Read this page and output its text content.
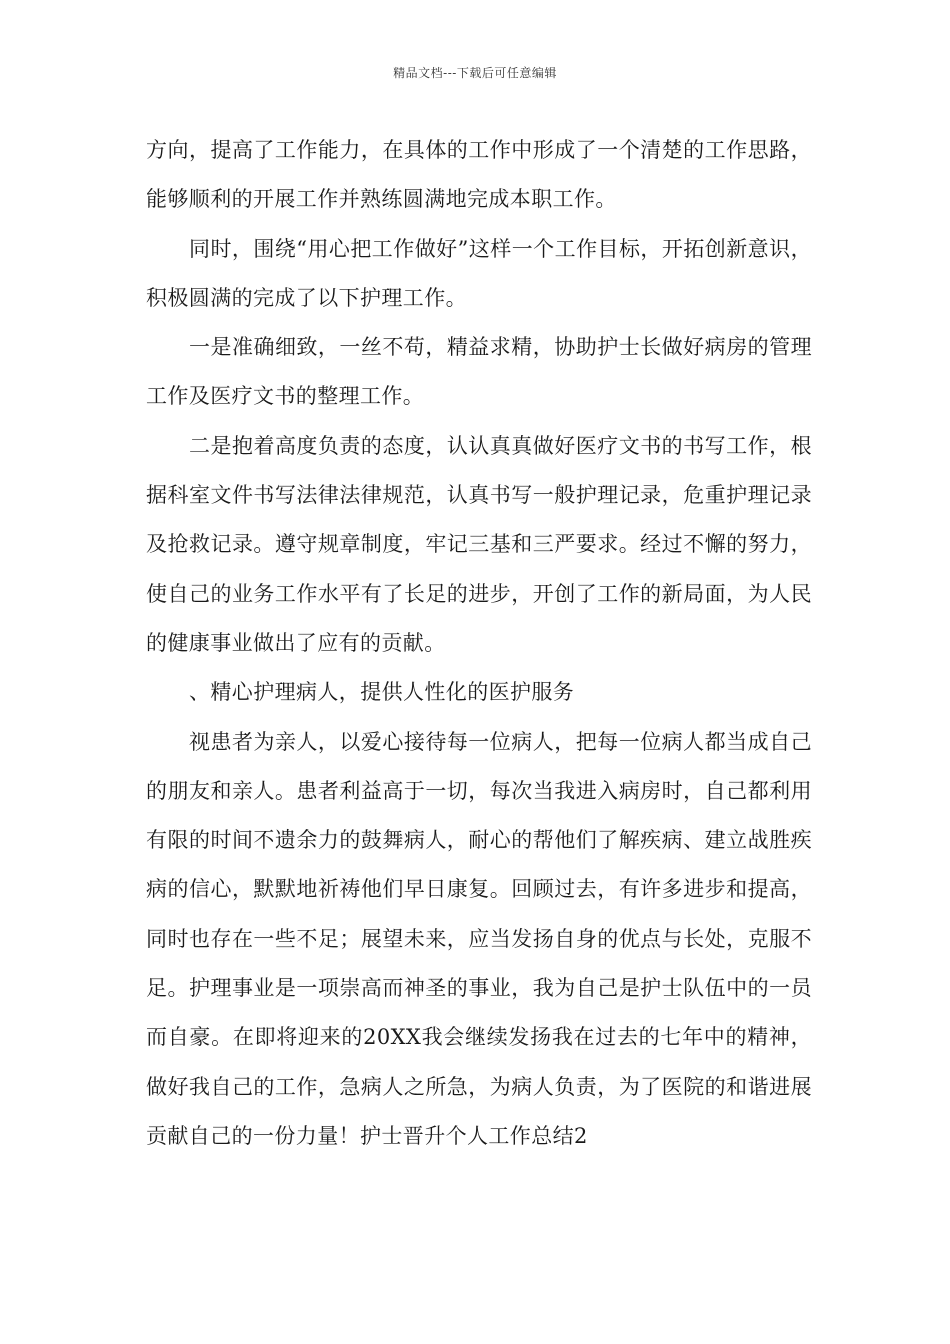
精品文档---下载后可任意编辑

方向，提高了工作能力，在具体的工作中形成了一个清楚的工作思路，能够顺利的开展工作并熟练圆满地完成本职工作。

同时，围绕“用心把工作做好”这样一个工作目标，开拓创新意识，积极圆满的完成了以下护理工作。

一是准确细致，一丝不苟，精益求精，协助护士长做好病房的管理工作及医疗文书的整理工作。

二是抱着高度负责的态度，认认真真做好医疗文书的书写工作，根据科室文件书写法律法律规范，认真书写一般护理记录，危重护理记录及抢救记录。遵守规章制度，牢记三基和三严要求。经过不懈的努力，使自己的业务工作水平有了长足的进步，开创了工作的新局面，为人民的健康事业做出了应有的贡献。

、精心护理病人，提供人性化的医护服务

视患者为亲人，以爱心接待每一位病人，把每一位病人都当成自己的朋友和亲人。患者利益高于一切，每次当我进入病房时，自己都利用有限的时间不遗余力的鼓舞病人，耐心的帮他们了解疾病、建立战胜疾病的信心，默默地祈祷他们早日康复。回顾过去，有许多进步和提高，同时也存在一些不足；展望未来，应当发扬自身的优点与长处，克服不足。护理事业是一项崇高而神圣的事业，我为自己是护士队伍中的一员而自豪。在即将迎来的20XX我会继续发扬我在过去的七年中的精神，做好我自己的工作，急病人之所急，为病人负责，为了医院的和谐进展贡献自己的一份力量！护士晋升个人工作总结2
